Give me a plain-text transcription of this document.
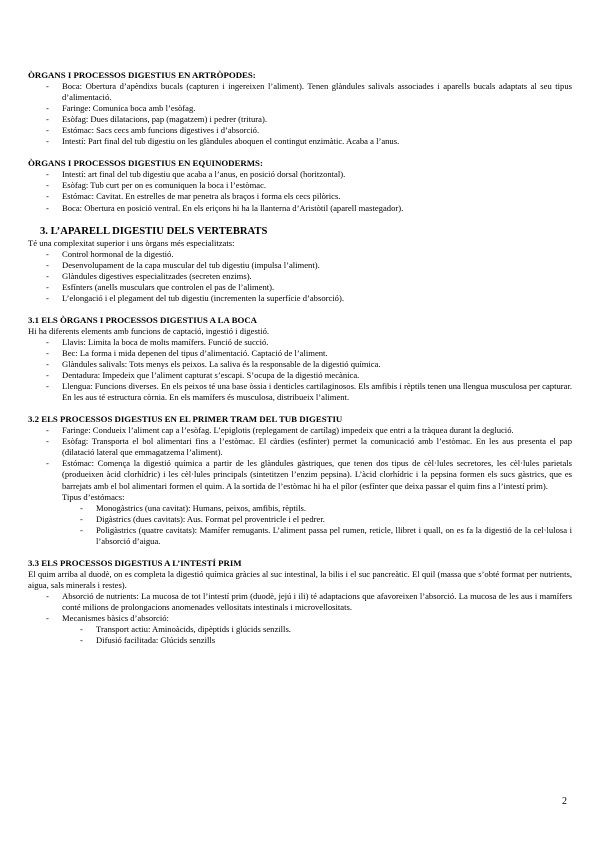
ÒRGANS I PROCESSOS DIGESTIUS EN ARTRÒPODES:
- Boca: Obertura d’apèndixs bucals (capturen i ingereixen l’aliment). Tenen glàndules salivals associades i aparells bucals adaptats al seu tipus d’alimentació.
- Faringe: Comunica boca amb l’esòfag.
- Esòfag: Dues dilatacions, pap (magatzem) i pedrer (tritura).
- Estómac: Sacs cecs amb funcions digestives i d’absorció.
- Intestí: Part final del tub digestiu on les glàndules aboquen el contingut enzimàtic. Acaba a l’anus.
ÒRGANS I PROCESSOS DIGESTIUS EN EQUINODERMS:
- Intestí: art final del tub digestiu que acaba a l’anus, en posició dorsal (horitzontal).
- Esòfag: Tub curt per on es comuniquen la boca i l’estòmac.
- Estómac: Cavitat. En estrelles de mar penetra als braços i forma els cecs pilòrics.
- Boca: Obertura en posició ventral. En els eriçons hi ha la llanterna d’Aristòtil (aparell mastegador).
3. L’APARELL DIGESTIU DELS VERTEBRATS

Té una complexitat superior i uns òrgans més especialitzats:

- Control hormonal de la digestió.
- Desenvolupament de la capa muscular del tub digestiu (impulsa l’aliment).
- Glàndules digestives especialitzades (secreten enzims).
- Esfínters (anells musculars que controlen el pas de l’aliment).
- L’elongació i el plegament del tub digestiu (incrementen la superfície d’absorció).
3.1 ELS ÒRGANS I PROCESSOS DIGESTIUS A LA BOCA

Hi ha diferents elements amb funcions de captació, ingestió i digestió.

- Llavis: Limita la boca de molts mamífers. Funció de succió.
- Bec: La forma i mida depenen del tipus d’alimentació. Captació de l’aliment.
- Glàndules salivals: Tots menys els peixos. La saliva és la responsable de la digestió química.
- Dentadura: Impedeix que l’aliment capturat s’escapi. S’ocupa de la digestió mecànica.
- Llengua: Funcions diverses. En els peixos té una base òssia i denticles cartilaginosos. Els amfibis i rèptils tenen una llengua musculosa per capturar. En les aus té estructura còrnia. En els mamífers és musculosa, distribueix l’aliment.
3.2 ELS PROCESSOS DIGESTIUS EN EL PRIMER TRAM DEL TUB DIGESTIU
- Faringe: Condueix l’aliment cap a l’esòfag. L’epiglotis (replegament de cartílag) impedeix que entri a la tràquea durant la deglució.
- Esòfag: Transporta el bol alimentari fins a l’estòmac. El càrdies (esfínter) permet la comunicació amb l’estòmac. En les aus presenta el pap (dilatació lateral que emmagatzema l’aliment).
- Estómac: Comença la digestió química a partir de les glàndules gàstriques, que tenen dos tipus de cèl·lules secretores, les cèl·lules parietals (produeixen àcid clorhídric) i les cèl·lules principals (sintetitzen l’enzim pepsina). L’àcid clorhídric i la pepsina formen els sucs gàstrics, que es barrejats amb el bol alimentari formen el quim. A la sortida de l’estòmac hi ha el pílor (esfínter que deixa passar el quim fins a l’intestí prim).

Tipus d’estómacs:

- Monogàstrics (una cavitat): Humans, peixos, amfibis, rèptils.
- Digàstrics (dues cavitats): Aus. Format pel proventricle i el pedrer.
- Poligàstrics (quatre cavitats): Mamífer remugants. L’aliment passa pel rumen, reticle, llibret i quall, on es fa la digestió de la cel·lulosa i l’absorció d’aigua.
3.3 ELS PROCESSOS DIGESTIUS A L’INTESTÍ PRIM

El quim arriba al duodè, on es completa la digestió química gràcies al suc intestinal, la bilis i el suc pancreàtic. El quil (massa que s’obté format per nutrients, aigua, sals minerals i restes).

- Absorció de nutrients: La mucosa de tot l’intestí prim (duodè, jejú i ili) té adaptacions que afavoreixen l’absorció. La mucosa de les aus i mamífers conté milions de prolongacions anomenades vellositats intestinals i microvellositats.
- Mecanismes bàsics d’absorció:
- Transport actiu: Aminoàcids, dipèptids i glúcids senzills.
- Difusió facilitada: Glúcids senzills
2
